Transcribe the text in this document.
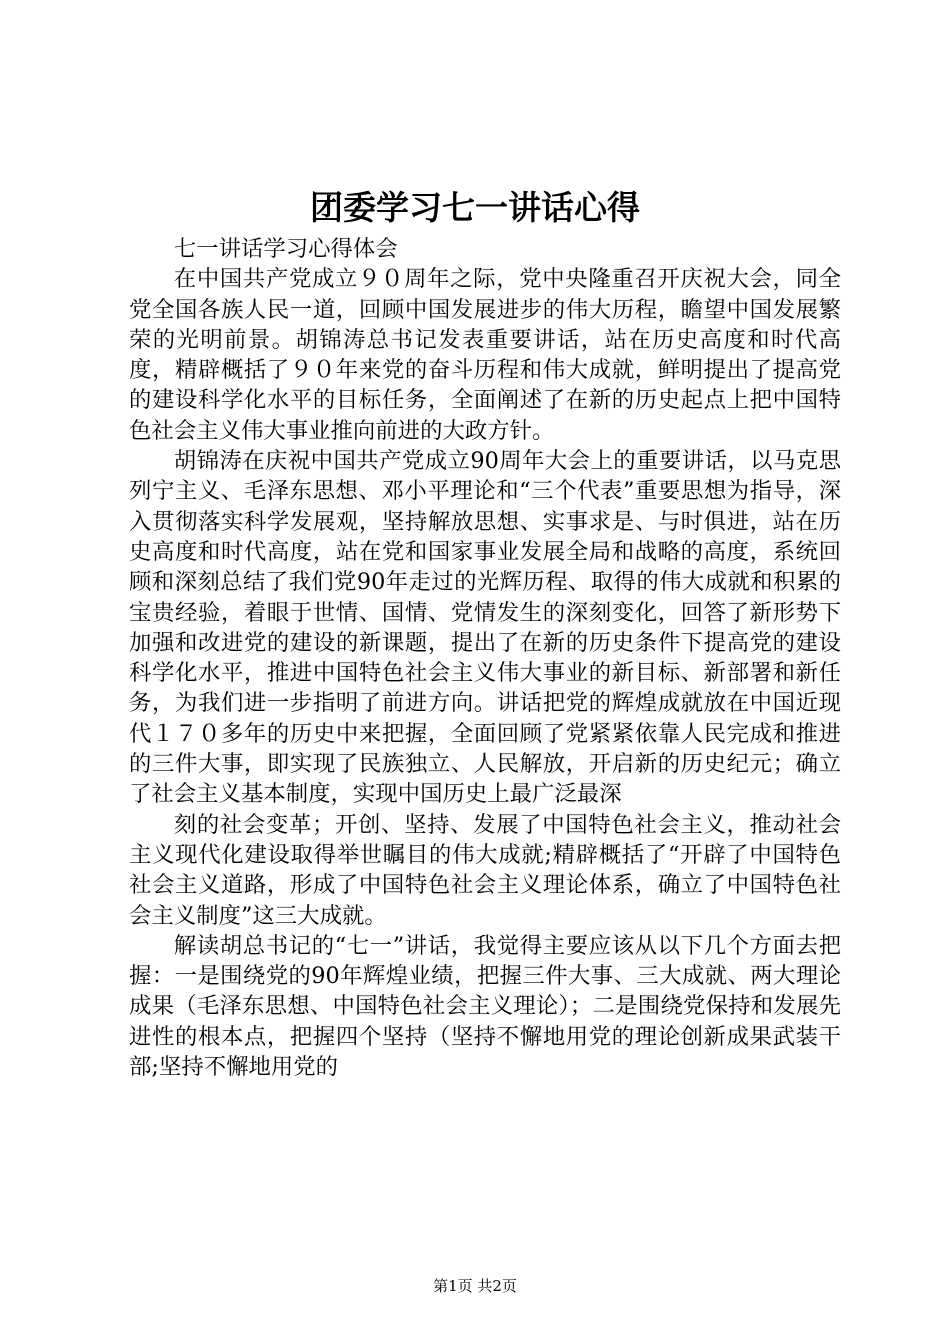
团委学习七一讲话心得
七一讲话学习心得体会

在中国共产党成立９０周年之际，党中央隆重召开庆祝大会，同全党全国各族人民一道，回顾中国发展进步的伟大历程，瞻望中国发展繁荣的光明前景。胡锦涛总书记发表重要讲话，站在历史高度和时代高度，精辟概括了９０年来党的奋斗历程和伟大成就，鲜明提出了提高党的建设科学化水平的目标任务，全面阐述了在新的历史起点上把中国特色社会主义伟大事业推向前进的大政方针。

胡锦涛在庆祝中国共产党成立90周年大会上的重要讲话，以马克思列宁主义、毛泽东思想、邓小平理论和“三个代表”重要思想为指导，深入贯彻落实科学发展观，坚持解放思想、实事求是、与时俱进，站在历史高度和时代高度，站在党和国家事业发展全局和战略的高度，系统回顾和深刻总结了我们党90年走过的光辉历程、取得的伟大成就和积累的宝贵经验，着眼于世情、国情、党情发生的深刻变化，回答了新形势下加强和改进党的建设的新课题，提出了在新的历史条件下提高党的建设科学化水平，推进中国特色社会主义伟大事业的新目标、新部署和新任务，为我们进一步指明了前进方向。讲话把党的辉煌成就放在中国近现代１７０多年的历史中来把握，全面回顾了党紧紧依靠人民完成和推进的三件大事，即实现了民族独立、人民解放，开启新的历史纪元；确立了社会主义基本制度，实现中国历史上最广泛最深

刻的社会变革；开创、坚持、发展了中国特色社会主义，推动社会主义现代化建设取得举世瞩目的伟大成就;精辟概括了“开辟了中国特色社会主义道路，形成了中国特色社会主义理论体系，确立了中国特色社会主义制度”这三大成就。

解读胡总书记的“七一”讲话，我觉得主要应该从以下几个方面去把握：一是围绕党的90年辉煌业绩，把握三件大事、三大成就、两大理论成果（毛泽东思想、中国特色社会主义理论）；二是围绕党保持和发展先进性的根本点，把握四个坚持（坚持不懈地用党的理论创新成果武装干部;坚持不懈地用党的

第1页 共2页
